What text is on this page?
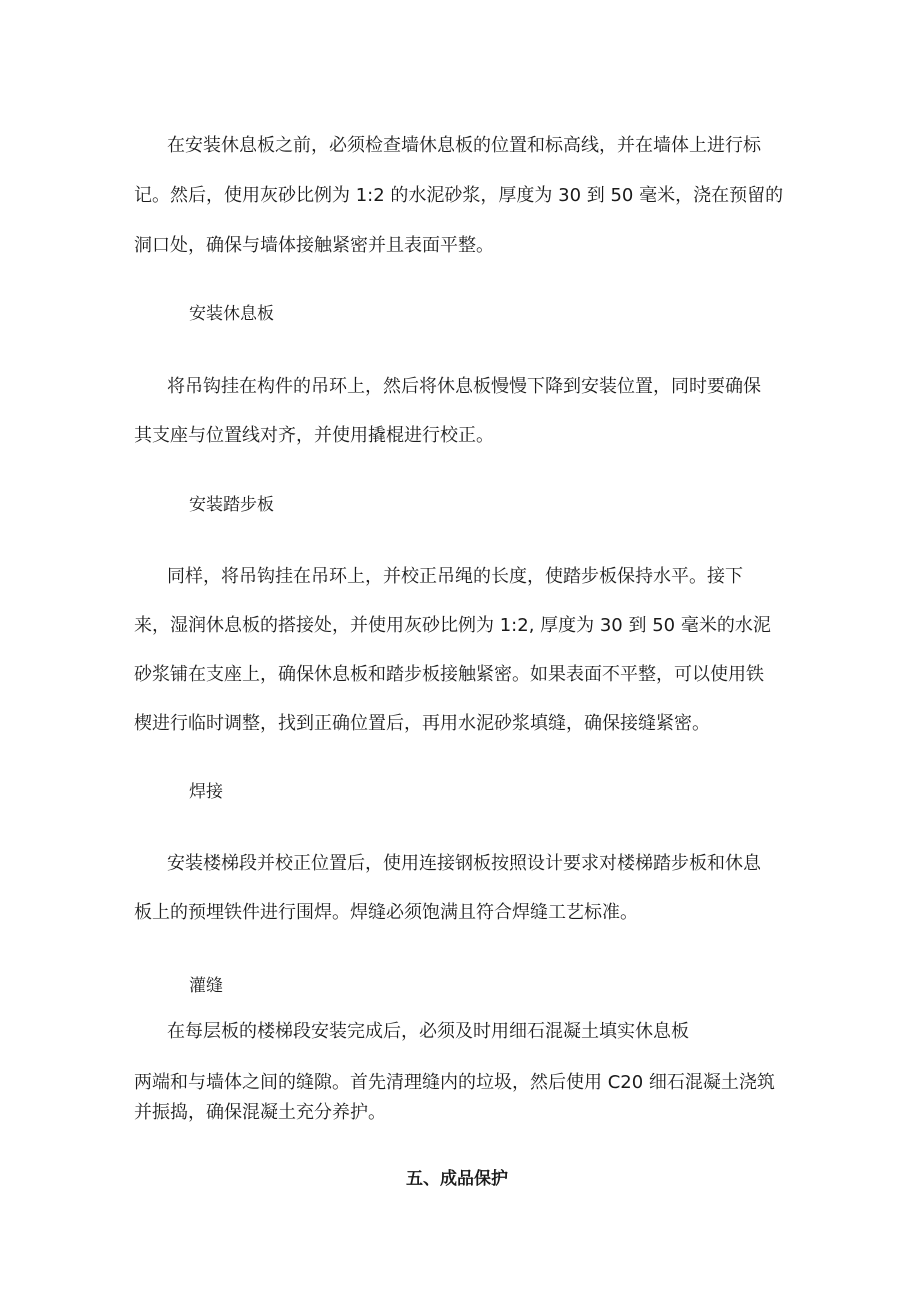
在安装休息板之前，必须检查墙休息板的位置和标高线，并在墙体上进行标
记。然后，使用灰砂比例为 1:2 的水泥砂浆，厚度为 30 到 50 毫米，浇在预留的
洞口处，确保与墙体接触紧密并且表面平整。
安装休息板
将吊钩挂在构件的吊环上，然后将休息板慢慢下降到安装位置，同时要确保
其支座与位置线对齐，并使用撬棍进行校正。
安装踏步板
同样，将吊钩挂在吊环上，并校正吊绳的长度，使踏步板保持水平。接下
来，湿润休息板的搭接处，并使用灰砂比例为 1:2, 厚度为 30 到 50 毫米的水泥
砂浆铺在支座上，确保休息板和踏步板接触紧密。如果表面不平整，可以使用铁
楔进行临时调整，找到正确位置后，再用水泥砂浆填缝，确保接缝紧密。
焊接
安装楼梯段并校正位置后，使用连接钢板按照设计要求对楼梯踏步板和休息
板上的预埋铁件进行围焊。焊缝必须饱满且符合焊缝工艺标准。
灌缝
在每层板的楼梯段安装完成后，必须及时用细石混凝土填实休息板
两端和与墙体之间的缝隙。首先清理缝内的垃圾，然后使用 C20 细石混凝土浇筑
并振捣，确保混凝土充分养护。
五、成品保护
